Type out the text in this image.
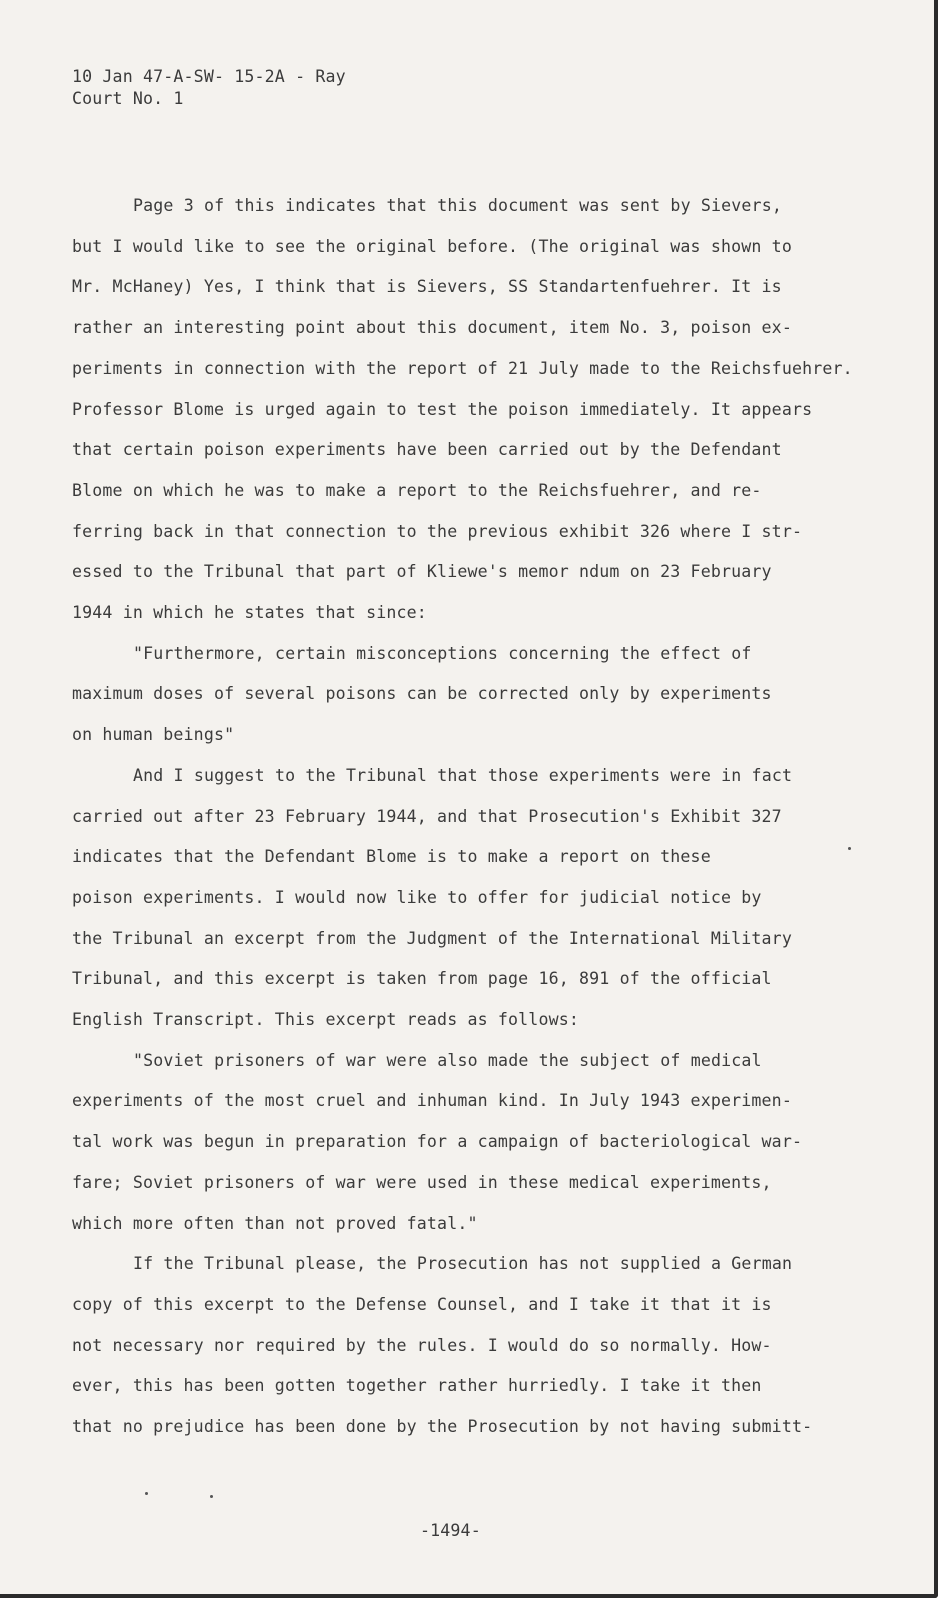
10 Jan 47-A-SW- 15-2A - Ray
Court No. 1
Page 3 of this indicates that this document was sent by Sievers,
but I would like to see the original before. (The original was shown to
Mr. McHaney) Yes, I think that is Sievers, SS Standartenfuehrer. It is
rather an interesting point about this document, item No. 3, poison ex-
periments in connection with the report of 21 July made to the Reichsfuehrer.
Professor Blome is urged again to test the poison immediately. It appears
that certain poison experiments have been carried out by the Defendant
Blome on which he was to make a report to the Reichsfuehrer, and re-
ferring back in that connection to the previous exhibit 326 where I str-
essed to the Tribunal that part of Kliewe's memor ndum on 23 February
1944 in which he states that since:
"Furthermore, certain misconceptions concerning the effect of
maximum doses of several poisons can be corrected only by experiments
on human beings"
And I suggest to the Tribunal that those experiments were in fact
carried out after 23 February 1944, and that Prosecution's Exhibit 327
indicates that the Defendant Blome is to make a report on these
poison experiments. I would now like to offer for judicial notice by
the Tribunal an excerpt from the Judgment of the International Military
Tribunal, and this excerpt is taken from page 16, 891 of the official
English Transcript. This excerpt reads as follows:
"Soviet prisoners of war were also made the subject of medical
experiments of the most cruel and inhuman kind. In July 1943 experimen-
tal work was begun in preparation for a campaign of bacteriological war-
fare; Soviet prisoners of war were used in these medical experiments,
which more often than not proved fatal."
If the Tribunal please, the Prosecution has not supplied a German
copy of this excerpt to the Defense Counsel, and I take it that it is
not necessary nor required by the rules. I would do so normally. How-
ever, this has been gotten together rather hurriedly. I take it then
that no prejudice has been done by the Prosecution by not having submitt-
-1494-
